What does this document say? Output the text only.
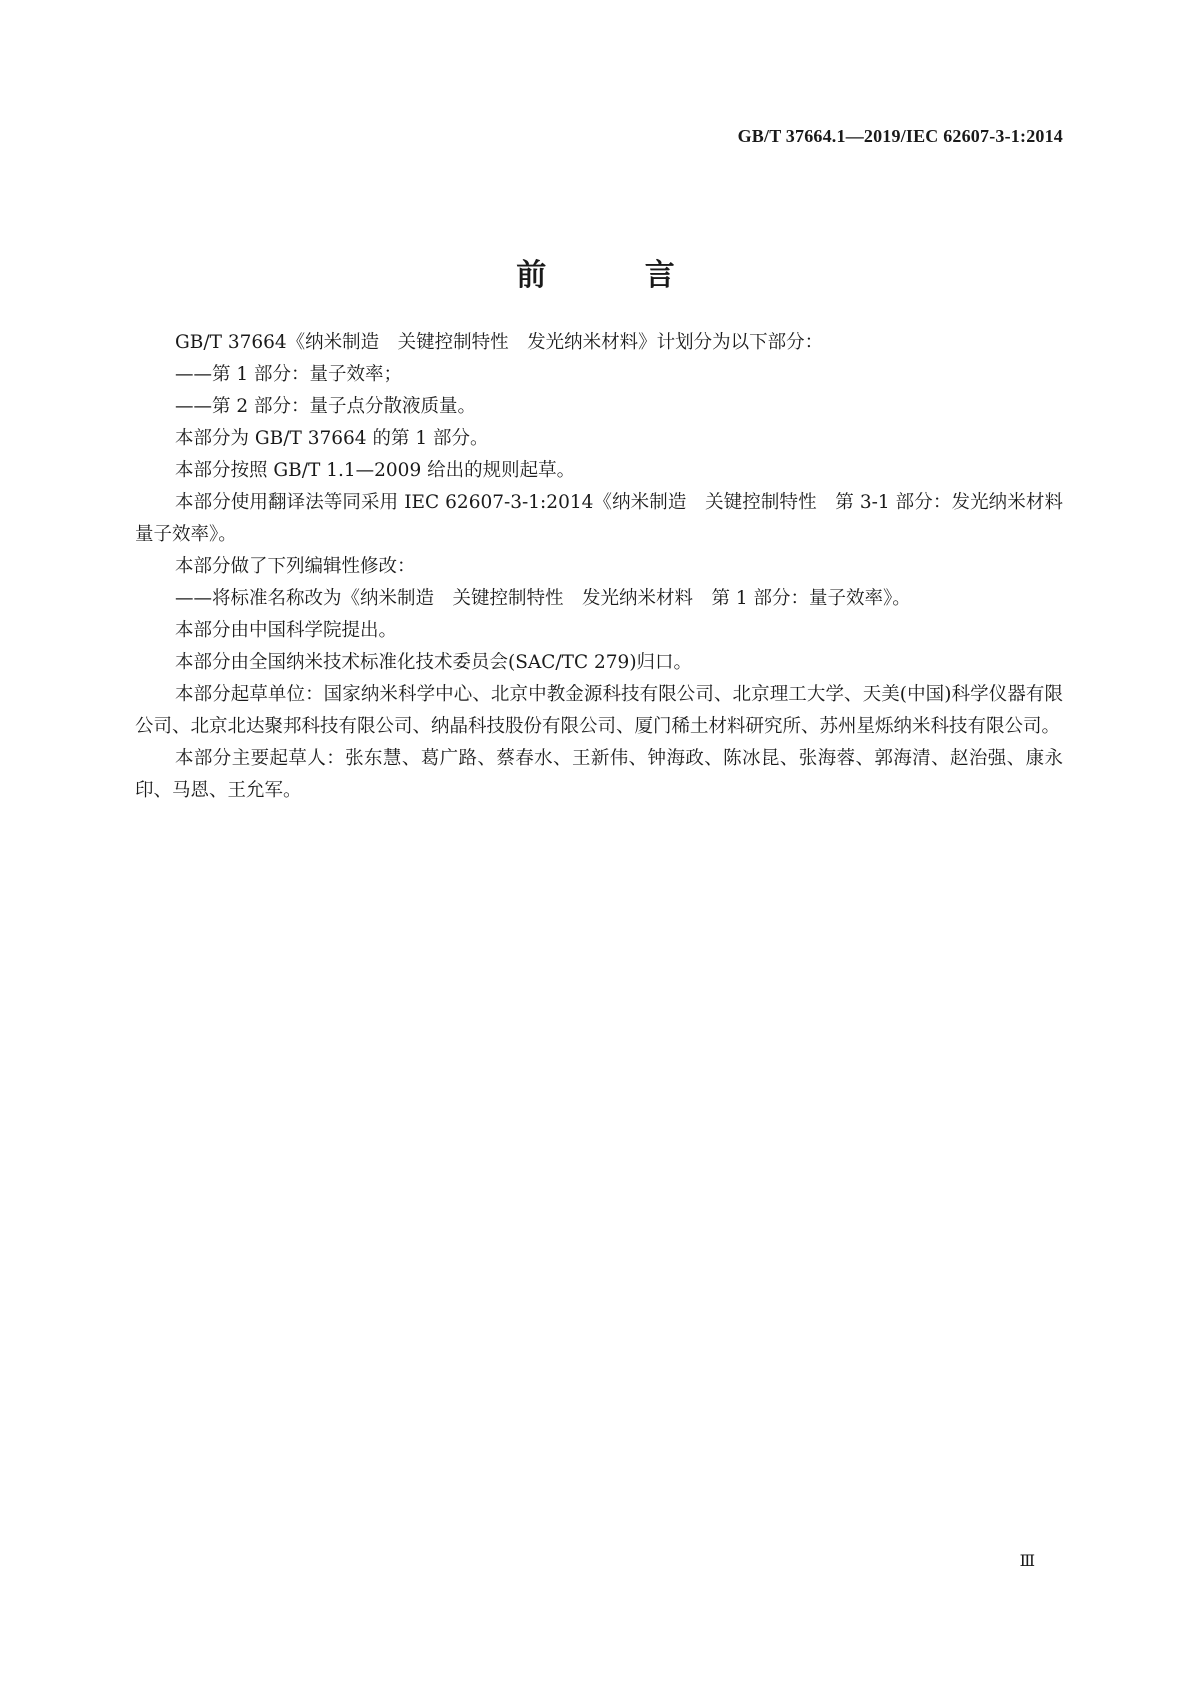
GB/T 37664.1—2019/IEC 62607-3-1:2014
前 言

GB/T 37664《纳米制造　关键控制特性　发光纳米材料》计划分为以下部分：

——第 1 部分：量子效率；

——第 2 部分：量子点分散液质量。

本部分为 GB/T 37664 的第 1 部分。

本部分按照 GB/T 1.1—2009 给出的规则起草。

本部分使用翻译法等同采用 IEC 62607-3-1:2014《纳米制造　关键控制特性　第 3-1 部分：发光纳米材料　量子效率》。

本部分做了下列编辑性修改：

——将标准名称改为《纳米制造　关键控制特性　发光纳米材料　第 1 部分：量子效率》。

本部分由中国科学院提出。

本部分由全国纳米技术标准化技术委员会(SAC/TC 279)归口。

本部分起草单位：国家纳米科学中心、北京中教金源科技有限公司、北京理工大学、天美(中国)科学仪器有限公司、北京北达聚邦科技有限公司、纳晶科技股份有限公司、厦门稀土材料研究所、苏州星烁纳米科技有限公司。

本部分主要起草人：张东慧、葛广路、蔡春水、王新伟、钟海政、陈冰昆、张海蓉、郭海清、赵治强、康永印、马恩、王允军。

Ⅲ
